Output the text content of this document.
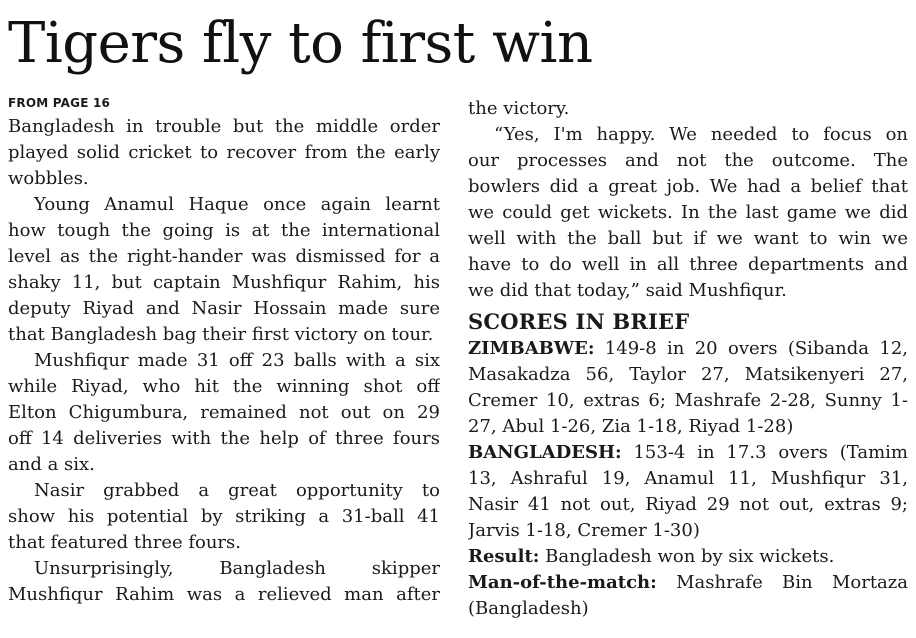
Tigers fly to first win
FROM PAGE 16
Bangladesh in trouble but the middle order
played solid cricket to recover from the early
wobbles.
Young Anamul Haque once again learnt
how tough the going is at the international
level as the right-hander was dismissed for a
shaky 11, but captain Mushfiqur Rahim, his
deputy Riyad and Nasir Hossain made sure
that Bangladesh bag their first victory on tour.
Mushfiqur made 31 off 23 balls with a six
while Riyad, who hit the winning shot off
Elton Chigumbura, remained not out on 29
off 14 deliveries with the help of three fours
and a six.
Nasir grabbed a great opportunity to
show his potential by striking a 31-ball 41
that featured three fours.
Unsurprisingly, Bangladesh skipper
Mushfiqur Rahim was a relieved man after
the victory.
“Yes, I'm happy. We needed to focus on
our processes and not the outcome. The
bowlers did a great job. We had a belief that
we could get wickets. In the last game we did
well with the ball but if we want to win we
have to do well in all three departments and
we did that today,” said Mushfiqur.
SCORES IN BRIEF
ZIMBABWE: 149-8 in 20 overs (Sibanda 12,
Masakadza 56, Taylor 27, Matsikenyeri 27,
Cremer 10, extras 6; Mashrafe 2-28, Sunny 1-
27, Abul 1-26, Zia 1-18, Riyad 1-28)
BANGLADESH: 153-4 in 17.3 overs (Tamim
13, Ashraful 19, Anamul 11, Mushfiqur 31,
Nasir 41 not out, Riyad 29 not out, extras 9;
Jarvis 1-18, Cremer 1-30)
Result: Bangladesh won by six wickets.
Man-of-the-match: Mashrafe Bin Mortaza
(Bangladesh)
